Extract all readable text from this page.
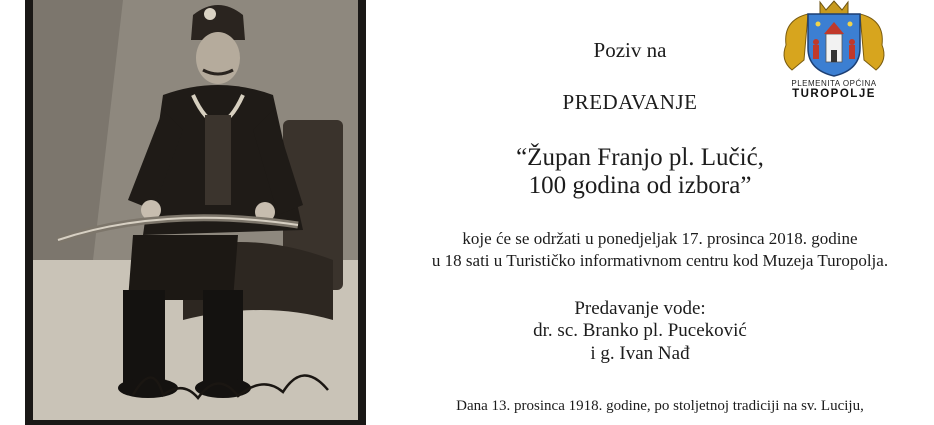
Poziv na
PREDAVANJE
“Župan Franjo pl. Lučić,
100 godina od izbora”
koje će se održati u ponedjeljak 17. prosinca 2018. godine
u 18 sati u Turističko informativnom centru kod Muzeja Turopolja.
Predavanje vode:
dr. sc. Branko pl. Puceković
i g. Ivan Nađ
Dana 13. prosinca 1918. godine, po stoljetnoj tradiciji na sv. Luciju,
PLEMENITA OPĆINA
TUROPOLJE
